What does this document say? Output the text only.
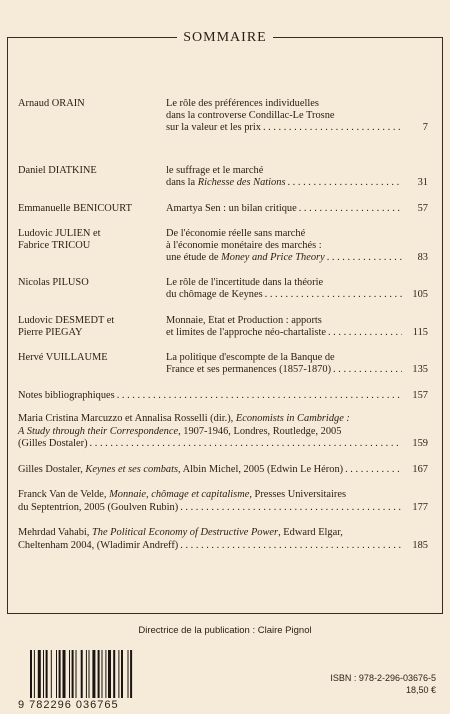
SOMMAIRE
Arnaud ORAIN	Le rôle des préférences individuelles
dans la controverse Condillac-Le Trosne
sur la valeur et les prix . . .	7
Daniel DIATKINE	le suffrage et le marché
dans la Richesse des Nations . . .	31
Emmanuelle BENICOURT	Amartya Sen : un bilan critique . . .	57
Ludovic JULIEN et
Fabrice TRICOU
De l'économie réelle sans marché
à l'économie monétaire des marchés :
une étude de Money and Price Theory . . .	83
Nicolas PILUSO	Le rôle de l'incertitude dans la théorie
du chômage de Keynes . . .	105
Ludovic DESMEDT et
Pierre PIEGAY
Monnaie, État et Production : apports
et limites de l'approche néo-chartaliste . . .	115
Hervé VUILLAUME	La politique d'escompte de la Banque de
France et ses permanences (1857-1870) . . .	135
Notes bibliographiques . . .	157
Maria Cristina Marcuzzo et Annalisa Rosselli (dir.), Economists in Cambridge :
A Study through their Correspondence, 1907-1946, Londres, Routledge, 2005
(Gilles Dostaler) . . .	159
Gilles Dostaler, Keynes et ses combats, Albin Michel, 2005 (Edwin Le Héron) . . .	167
Franck Van de Velde, Monnaie, chômage et capitalisme, Presses Universitaires
du Septentrion, 2005 (Goulven Rubin) . . .	177
Mehrdad Vahabi, The Political Economy of Destructive Power, Edward Elgar,
Cheltenham 2004, (Wladimir Andreff) . . .	185
Directrice de la publication : Claire Pignol
9 782296 036765
ISBN : 978-2-296-03676-5
18,50 €
